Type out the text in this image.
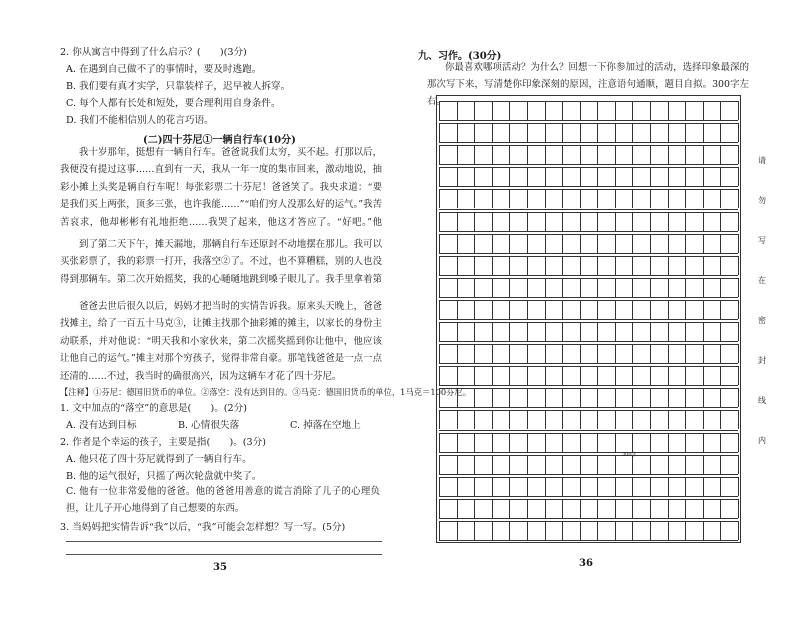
2. 你从寓言中得到了什么启示？(　　)(3分)
A. 在遇到自己做不了的事情时，要及时逃跑。
B. 我们要有真才实学，只靠装样子，迟早被人拆穿。
C. 每个人都有长处和短处，要合理利用自身条件。
D. 我们不能相信别人的花言巧语。
(二)四十芬尼①一辆自行车(10分)
我十岁那年，挺想有一辆自行车。爸爸说我们太穷，买不起。打那以后，我便没有提过这事……直到有一天，我从一年一度的集市回来，激动地说，抽彩小摊上头奖是辆自行车呢！每张彩票二十芬尼！爸爸笑了。我央求道：“要是我们买上两张，顶多三张，也许我能……”“咱们穷人没那么好的运气。”我苦苦哀求，他却彬彬有礼地拒绝……我哭了起来，他这才答应了。“好吧。”他
到了第二天下午，摊天漏地，那辆自行车还原封不动地摆在那儿。我可以买张彩票了，我的彩票一打开，我落空②了。不过，也不算糟糕，别的人也没得到那辆车。第二次开始摇奖，我的心嗵嗵地跳到嗓子眼儿了。我手里拿着第
爸爸去世后很久以后，妈妈才把当时的实情告诉我。原来头天晚上，爸爸找摊主，给了一百五十马克③，让摊主找那个抽彩摊的摊主，以家长的身份主动联系，并对他说：“明天我和小家伙来，第二次摇奖摇到你让他中，他应该让他自己的运气。”摊主对那个穷孩子，觉得非常自豪。那笔钱爸爸是一点一点还清的……不过，我当时的确很高兴，因为这辆车才花了四十芬尼。
【注释】①芬尼：德国旧货币的单位。②落空：没有达到目的。③马克：德国旧货币的单位，1马克＝100芬尼。
1. 文中加点的“落空”的意思是(　　)。(2分)
A. 没有达到目标	B. 心情很失落	C. 掉落在空地上
2. 作者是个幸运的孩子，主要是指(　　)。(3分)
A. 他只花了四十芬尼就得到了一辆自行车。
B. 他的运气很好，只摇了两次轮盘就中奖了。
C. 他有一位非常爱他的爸爸。他的爸爸用善意的谎言消除了儿子的心理负担，让儿子开心地得到了自己想要的东西。
3. 当妈妈把实情告诉“我”以后，“我”可能会怎样想？写一写。(5分)
35
九、习作。(30分)
你最喜欢哪项活动？为什么？回想一下你参加过的活动，选择印象最深的那次写下来，写清楚你印象深刻的原因，注意语句通顺，题目自拟。300字左右。
300字
36
请
勿
写
在
密
封
线
内
